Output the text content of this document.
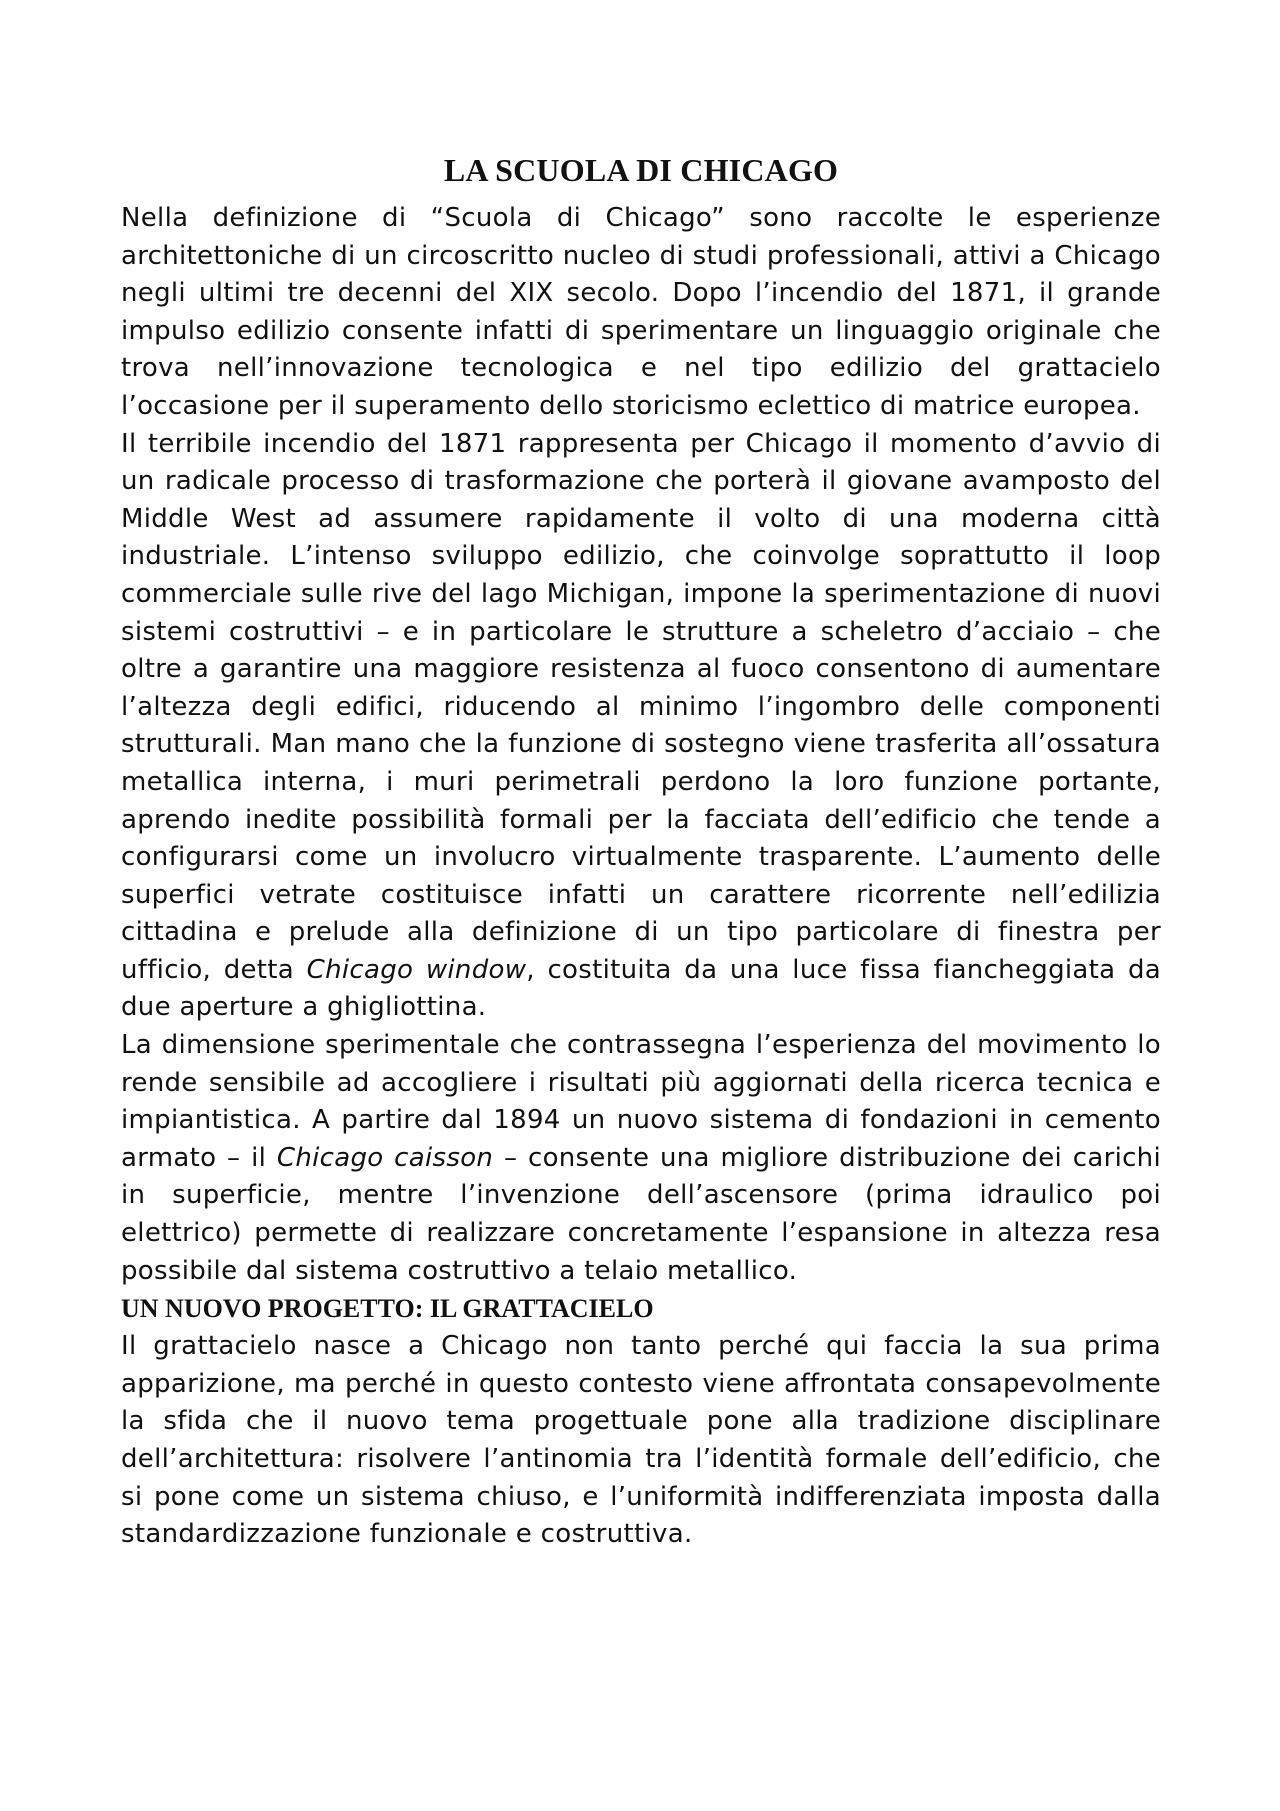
LA SCUOLA DI CHICAGO

Nella definizione di “Scuola di Chicago” sono raccolte le esperienze architettoniche di un circoscritto nucleo di studi professionali, attivi a Chicago negli ultimi tre decenni del XIX secolo. Dopo l’incendio del 1871, il grande impulso edilizio consente infatti di sperimentare un linguaggio originale che trova nell’innovazione tecnologica e nel tipo edilizio del grattacielo l’occasione per il superamento dello storicismo eclettico di matrice europea.

Il terribile incendio del 1871 rappresenta per Chicago il momento d’avvio di un radicale processo di trasformazione che porterà il giovane avamposto del Middle West ad assumere rapidamente il volto di una moderna città industriale. L’intenso sviluppo edilizio, che coinvolge soprattutto il loop commerciale sulle rive del lago Michigan, impone la sperimentazione di nuovi sistemi costruttivi – e in particolare le strutture a scheletro d’acciaio – che oltre a garantire una maggiore resistenza al fuoco consentono di aumentare l’altezza degli edifici, riducendo al minimo l’ingombro delle componenti strutturali. Man mano che la funzione di sostegno viene trasferita all’ossatura metallica interna, i muri perimetrali perdono la loro funzione portante, aprendo inedite possibilità formali per la facciata dell’edificio che tende a configurarsi come un involucro virtualmente trasparente. L’aumento delle superfici vetrate costituisce infatti un carattere ricorrente nell’edilizia cittadina e prelude alla definizione di un tipo particolare di finestra per ufficio, detta Chicago window, costituita da una luce fissa fiancheggiata da due aperture a ghigliottina.

La dimensione sperimentale che contrassegna l’esperienza del movimento lo rende sensibile ad accogliere i risultati più aggiornati della ricerca tecnica e impiantistica. A partire dal 1894 un nuovo sistema di fondazioni in cemento armato – il Chicago caisson – consente una migliore distribuzione dei carichi in superficie, mentre l’invenzione dell’ascensore (prima idraulico poi elettrico) permette di realizzare concretamente l’espansione in altezza resa possibile dal sistema costruttivo a telaio metallico.

UN NUOVO PROGETTO: IL GRATTACIELO

Il grattacielo nasce a Chicago non tanto perché qui faccia la sua prima apparizione, ma perché in questo contesto viene affrontata consapevolmente la sfida che il nuovo tema progettuale pone alla tradizione disciplinare dell’architettura: risolvere l’antinomia tra l’identità formale dell’edificio, che si pone come un sistema chiuso, e l’uniformità indifferenziata imposta dalla standardizzazione funzionale e costruttiva.
